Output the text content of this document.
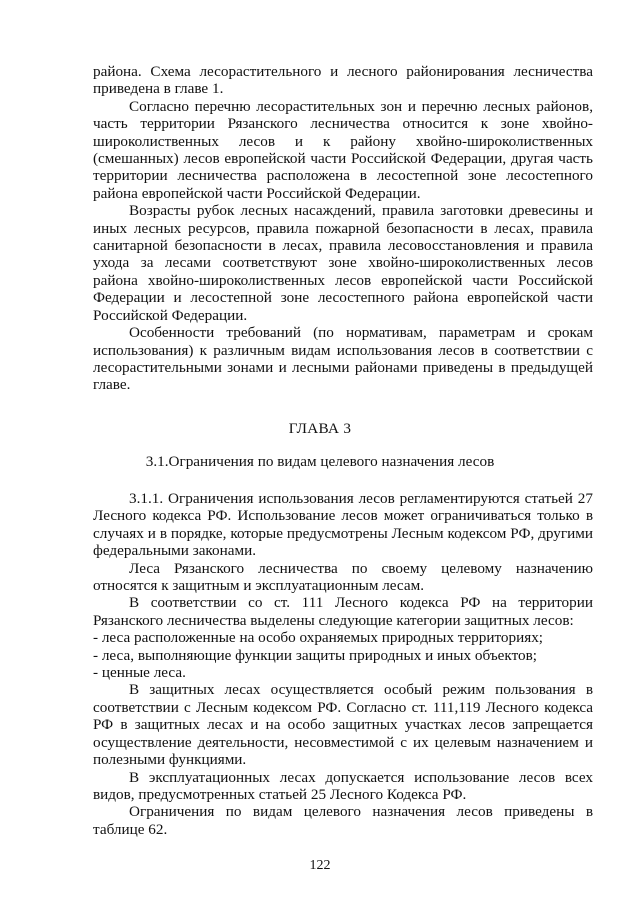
района. Схема лесорастительного и лесного районирования лесничества приведена в главе 1.

Согласно перечню лесорастительных зон и перечню лесных районов, часть территории Рязанского лесничества относится к зоне хвойно-широколиственных лесов и к району хвойно-широколиственных (смешанных) лесов европейской части Российской Федерации, другая часть территории лесничества расположена в лесостепной зоне лесостепного района европейской части Российской Федерации.

Возрасты рубок лесных насаждений, правила заготовки древесины и иных лесных ресурсов, правила пожарной безопасности в лесах, правила санитарной безопасности в лесах, правила лесовосстановления и правила ухода за лесами соответствуют зоне хвойно-широколиственных лесов района хвойно-широколиственных лесов европейской части Российской Федерации и лесостепной зоне лесостепного района европейской части Российской Федерации.

Особенности требований (по нормативам, параметрам и срокам использования) к различным видам использования лесов в соответствии с лесорастительными зонами и лесными районами приведены в предыдущей главе.

ГЛАВА 3
3.1.Ограничения по видам целевого назначения лесов

3.1.1. Ограничения использования лесов регламентируются статьей 27 Лесного кодекса РФ. Использование лесов может ограничиваться только в случаях и в порядке, которые предусмотрены Лесным кодексом РФ, другими федеральными законами.

Леса Рязанского лесничества по своему целевому назначению относятся к защитным и эксплуатационным лесам.

В соответствии со ст. 111 Лесного кодекса РФ на территории Рязанского лесничества выделены следующие категории защитных лесов:

- леса расположенные на особо охраняемых природных территориях;

- леса, выполняющие функции защиты природных и иных объектов;

- ценные леса.

В защитных лесах осуществляется особый режим пользования в соответствии с Лесным кодексом РФ. Согласно ст. 111,119 Лесного кодекса РФ в защитных лесах и на особо защитных участках лесов запрещается осуществление деятельности, несовместимой с их целевым назначением и полезными функциями.

В эксплуатационных лесах допускается использование лесов всех видов, предусмотренных статьей 25 Лесного Кодекса РФ.

Ограничения по видам целевого назначения лесов приведены в таблице 62.

122
